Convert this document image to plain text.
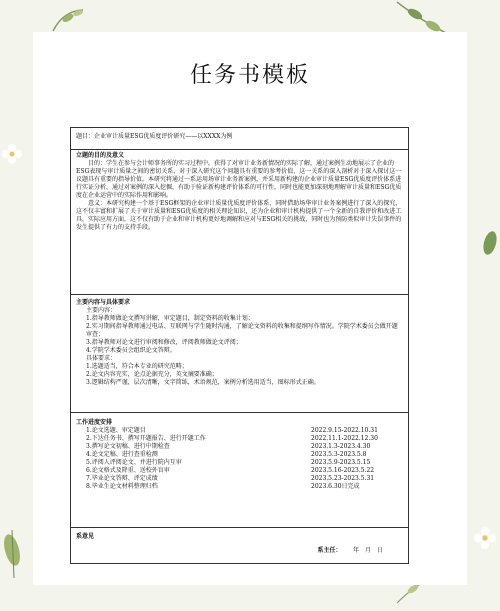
任务书模板
题目：企业审计质量ESG优质度评价研究——以XXXX为例
立题的目的及意义

目的：学生在参与会计师事务所的实习过程中，获得了对审计业务新情况的实际了解，通过案例生动地展示了企业的ESG表现与审计质量之间的密切关系，对于深入研究这个问题具有重要的参考价值，这一关系的深入剖析对于深入探讨这一议题具有重要的指导价值。本研究将通过一系运用场审计业务新案例，并采用新构建的企业审计质量ESG优质度评价体系进行实证分析，通过对案例的深入挖掘，有助于验证新构建评价体系的可行性，同时也能更加深刻地理解审计质量和ESG优质度在企业运营中的实际作用和影响。

意义：本研究构建一个基于ESG框架的企业审计质量优质度评价体系，同时借助场华审计业务案例进行了深入的探究，这不仅丰富和扩展了关于审计质量和ESG优质度的相关理论知识，还为企业和审计机构提供了一个全新的自我评价和改进工具，实际应用方面，这不仅有助于企业和审计机构更好地调解和应对与ESG相关的挑战，同时也为预防类似审计失误事件的发生提供了有力的支持手段。

主要内容与具体要求

主要内容：

1.指导教师做论文撰写讲解，审定题目，制定资料的收集计划；

2.实习期间指导教师通过电话、互联网与学生随时沟通，了解论文资料的收集和提纲写作情况。学院学术委员会做开题审查；

3.指导教师对论文进行审阅和修改，评阅教师做论文评阅；

4.学院学术委员会组织论文答辩。

具体要求：

1.选题适当，符合本专业的研究范畴；

2.论文内容充实，论点论据充分，英文摘要准确；

3.逻辑结构严谨，层次清晰，文字简练，术语规范，案例分析选用适当，图标形式正确。

工作进度安排
1.论文选题、审定题目	2022.9.15-2022.10.31
2.下达任务书、撰写开题报告、进行开题工作	2022.11.1-2022.12.30
3.撰写论文初稿、进行中期检查	2023.1.3-2023.4.30
4.论文定稿、进行查重检测	2023.5.3-2023.5.8
5.评阅人评阅论文、并进行院内互审	2023.5.9-2023.5.15
6.论文格式及降重、送校外盲审	2023.5.16-2023.5.22
7.毕业论文答辩、评定成绩	2023.5.23-2023.5.31
8.毕业生论文材料整理归档	2023.6.30日完成
系意见
系主任： 年　月　日
